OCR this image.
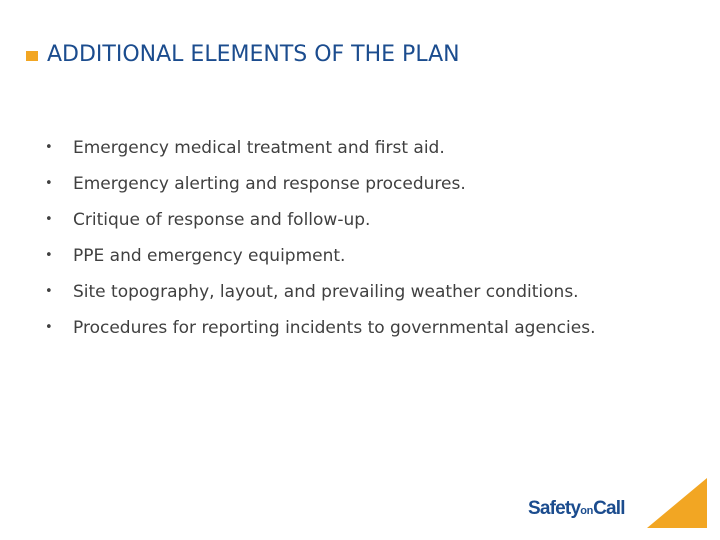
ADDITIONAL ELEMENTS OF THE PLAN
•	Emergency medical treatment and first aid.
•	Emergency alerting and response procedures.
•	Critique of response and follow-up.
•	PPE and emergency equipment.
•	Site topography, layout, and prevailing weather conditions.
•	Procedures for reporting incidents to governmental agencies.
SafetyonCall
